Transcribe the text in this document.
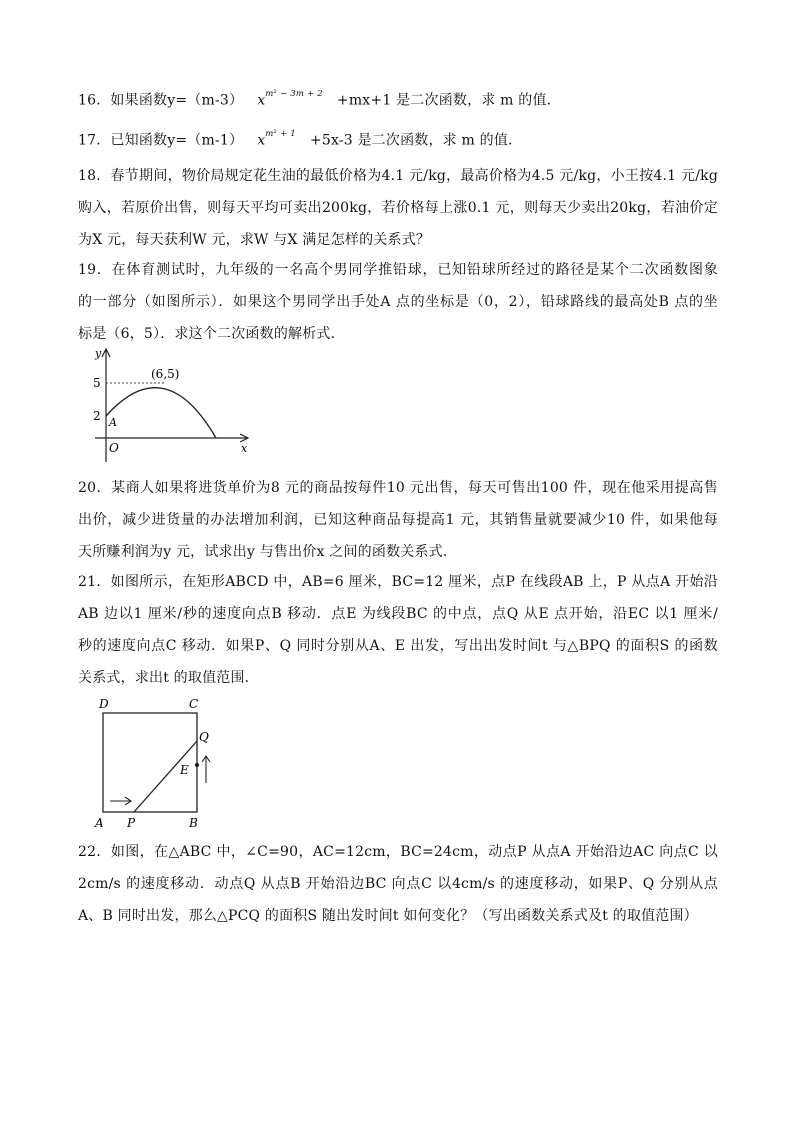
16．如果函数y=（m-3） $x^{m^2 - 3m + 2} +mx+1$ 是二次函数，求 m 的值．
17．已知函数y=（m-1） $x^{m^2 + 1} +5x-3$ 是二次函数，求 m 的值．
18．春节期间，物价局规定花生油的最低价格为4.1 元/kg，最高价格为4.5 元/kg，小王按4.1 元/kg
购入，若原价出售，则每天平均可卖出200kg，若价格每上涨0.1 元，则每天少卖出20kg，若油价定
为X 元，每天获利W 元，求W 与X 满足怎样的关系式？
19．在体育测试时，九年级的一名高个男同学推铅球，已知铅球所经过的路径是某个二次函数图象
的一部分（如图所示）．如果这个男同学出手处A 点的坐标是（0，2），铅球路线的最高处B 点的坐
标是（6，5）．求这个二次函数的解析式．
y
x
5
2 A
O
(6,5)
20．某商人如果将进货单价为8 元的商品按每件10 元出售，每天可售出100 件，现在他采用提高售
出价，减少进货量的办法增加利润，已知这种商品每提高1 元，其销售量就要减少10 件，如果他每
天所赚利润为y 元，试求出y 与售出价x 之间的函数关系式．
21．如图所示，在矩形ABCD 中，AB=6 厘米，BC=12 厘米，点P 在线段AB 上，P 从点A 开始沿
AB 边以1 厘米/秒的速度向点B 移动．点E 为线段BC 的中点，点Q 从E 点开始，沿EC 以1 厘米/
秒的速度向点C 移动．如果P、Q 同时分别从A、E 出发，写出出发时间t 与△BPQ 的面积S 的函数
关系式，求出t 的取值范围．
D	C
Q
E
A P	B
22．如图，在△ABC 中，∠C=90，AC=12cm，BC=24cm，动点P 从点A 开始沿边AC 向点C 以
2cm/s 的速度移动．动点Q 从点B 开始沿边BC 向点C 以4cm/s 的速度移动，如果P、Q 分别从点
A、B 同时出发，那么△PCQ 的面积S 随出发时间t 如何变化？（写出函数关系式及t 的取值范围）
